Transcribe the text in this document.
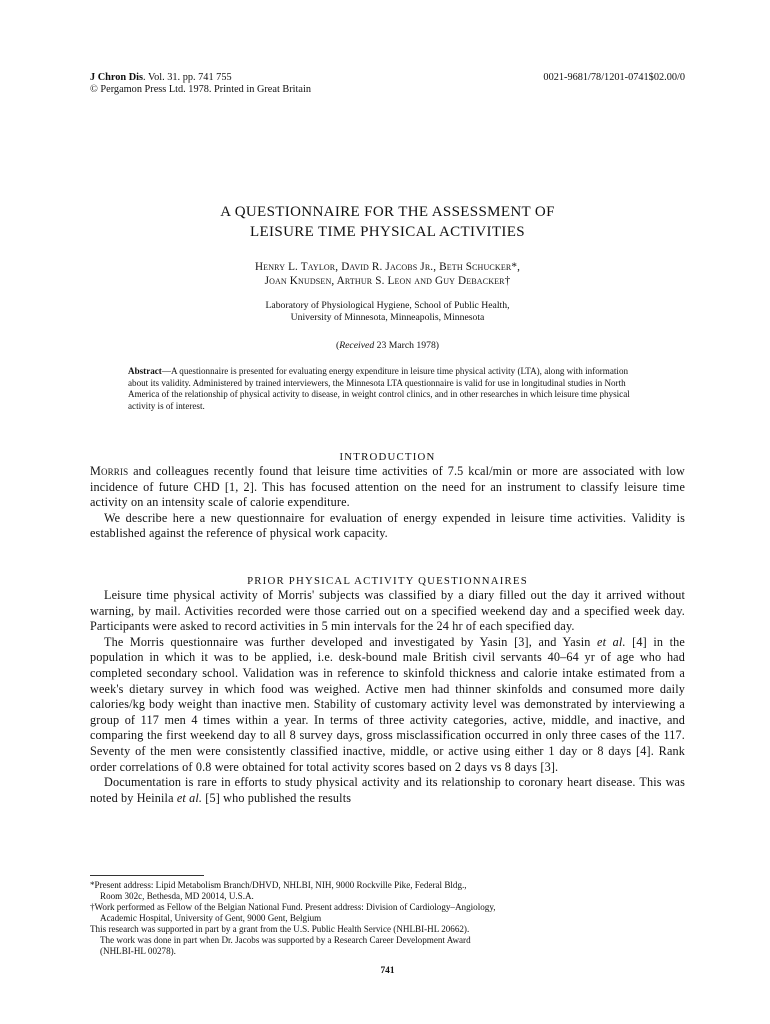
J Chron Dis. Vol. 31. pp. 741 755	0021-9681/78/1201-0741$02.00/0
© Pergamon Press Ltd. 1978. Printed in Great Britain
A QUESTIONNAIRE FOR THE ASSESSMENT OF
LEISURE TIME PHYSICAL ACTIVITIES
Henry L. Taylor, David R. Jacobs Jr., Beth Schucker*,
Joan Knudsen, Arthur S. Leon and Guy Debacker†
Laboratory of Physiological Hygiene, School of Public Health,
University of Minnesota, Minneapolis, Minnesota
(Received 23 March 1978)
Abstract—A questionnaire is presented for evaluating energy expenditure in leisure time physical activity (LTA), along with information about its validity. Administered by trained interviewers, the Minnesota LTA questionnaire is valid for use in longitudinal studies in North America of the relationship of physical activity to disease, in weight control clinics, and in other researches in which leisure time physical activity is of interest.
INTRODUCTION

Morris and colleagues recently found that leisure time activities of 7.5 kcal/min or more are associated with low incidence of future CHD [1, 2]. This has focused attention on the need for an instrument to classify leisure time activity on an intensity scale of calorie expenditure.

We describe here a new questionnaire for evaluation of energy expended in leisure time activities. Validity is established against the reference of physical work capacity.

PRIOR PHYSICAL ACTIVITY QUESTIONNAIRES

Leisure time physical activity of Morris' subjects was classified by a diary filled out the day it arrived without warning, by mail. Activities recorded were those carried out on a specified weekend day and a specified week day. Participants were asked to record activities in 5 min intervals for the 24 hr of each specified day.

The Morris questionnaire was further developed and investigated by Yasin [3], and Yasin et al. [4] in the population in which it was to be applied, i.e. desk-bound male British civil servants 40–64 yr of age who had completed secondary school. Validation was in reference to skinfold thickness and calorie intake estimated from a week's dietary survey in which food was weighed. Active men had thinner skinfolds and consumed more daily calories/kg body weight than inactive men. Stability of customary activity level was demonstrated by interviewing a group of 117 men 4 times within a year. In terms of three activity categories, active, middle, and inactive, and comparing the first weekend day to all 8 survey days, gross misclassification occurred in only three cases of the 117. Seventy of the men were consistently classified inactive, middle, or active using either 1 day or 8 days [4]. Rank order correlations of 0.8 were obtained for total activity scores based on 2 days vs 8 days [3].

Documentation is rare in efforts to study physical activity and its relationship to coronary heart disease. This was noted by Heinila et al. [5] who published the results

*Present address: Lipid Metabolism Branch/DHVD, NHLBI, NIH, 9000 Rockville Pike, Federal Bldg.,
Room 302c, Bethesda, MD 20014, U.S.A.
†Work performed as Fellow of the Belgian National Fund. Present address: Division of Cardiology–Angiology,
Academic Hospital, University of Gent, 9000 Gent, Belgium
This research was supported in part by a grant from the U.S. Public Health Service (NHLBI-HL 20662).
The work was done in part when Dr. Jacobs was supported by a Research Career Development Award
(NHLBI-HL 00278).
741
